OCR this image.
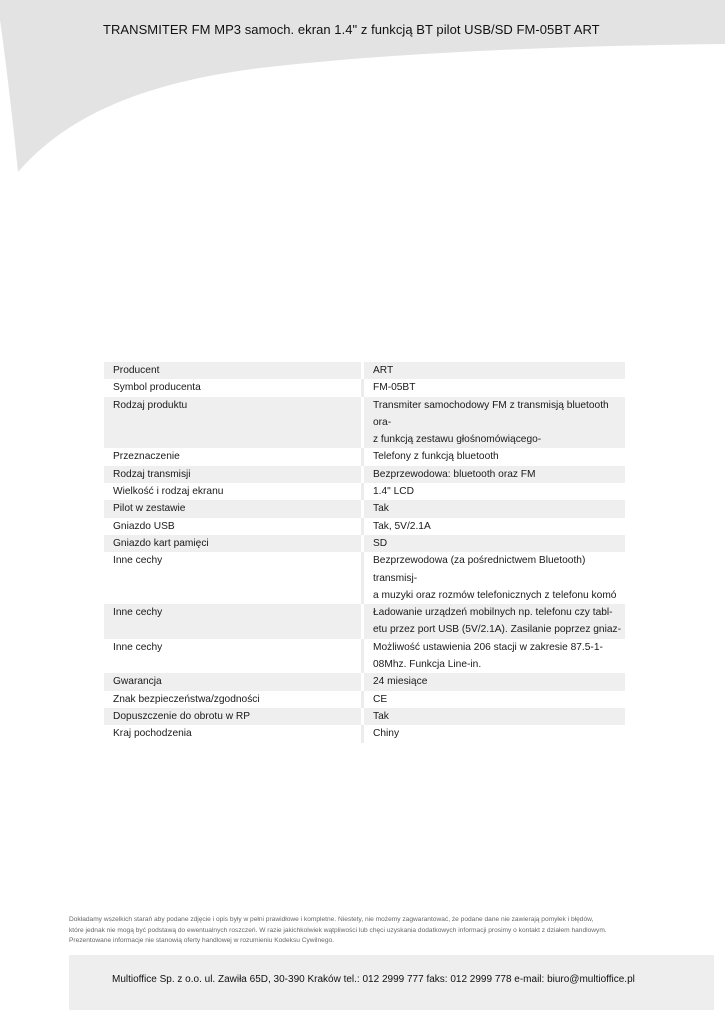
TRANSMITER FM MP3 samoch. ekran 1.4" z funkcją BT pilot USB/SD FM-05BT ART
Producent		ART
Symbol producenta		FM-05BT
Rodzaj produktu		Transmiter samochodowy FM z transmisją bluetooth ora-
z funkcją zestawu głośnomówiącego-
Przeznaczenie		Telefony z funkcją bluetooth
Rodzaj transmisji		Bezprzewodowa: bluetooth oraz FM
Wielkość i rodzaj ekranu		1.4" LCD
Pilot w zestawie		Tak
Gniazdo USB		Tak, 5V/2.1A
Gniazdo kart pamięci		SD
Inne cechy		Bezprzewodowa (za pośrednictwem Bluetooth) transmisj-
a muzyki oraz rozmów telefonicznych z telefonu komó
Inne cechy		Ładowanie urządzeń mobilnych np. telefonu czy tabl-
etu przez port USB (5V/2.1A). Zasilanie poprzez gniaz-
Inne cechy		Możliwość ustawienia 206 stacji w zakresie 87.5-1-
08Mhz. Funkcja Line-in.
Gwarancja		24 miesiące
Znak bezpieczeństwa/zgodności		CE
Dopuszczenie do obrotu w RP		Tak
Kraj pochodzenia		Chiny
Dokładamy wszelkich starań aby podane zdjęcie i opis były w pełni prawidłowe i kompletne. Niestety, nie możemy zagwarantować, że podane dane nie zawierają pomyłek i błędów,
które jednak nie mogą być podstawą do ewentualnych roszczeń. W razie jakichkolwiek wątpliwości lub chęci uzyskania dodatkowych informacji prosimy o kontakt z działem handlowym.
Prezentowane informacje nie stanowią oferty handlowej w rozumieniu Kodeksu Cywilnego.
Multioffice Sp. z o.o. ul. Zawiła 65D, 30-390 Kraków tel.: 012 2999 777 faks: 012 2999 778 e-mail: biuro@multioffice.pl
